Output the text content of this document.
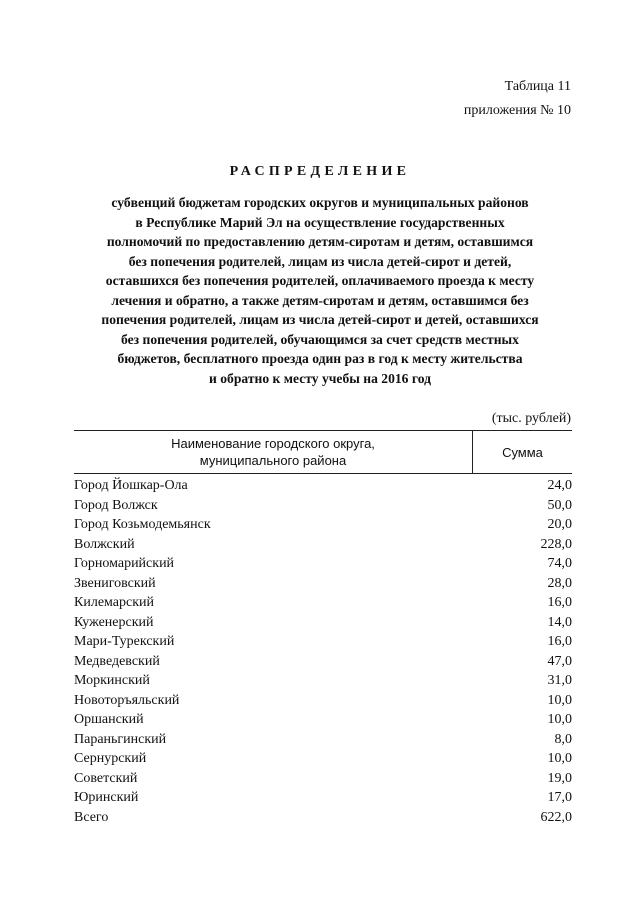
Таблица 11
приложения № 10
РАСПРЕДЕЛЕНИЕ
субвенций бюджетам городских округов и муниципальных районов
в Республике Марий Эл на осуществление государственных
полномочий по предоставлению детям-сиротам и детям, оставшимся
без попечения родителей, лицам из числа детей-сирот и детей,
оставшихся без попечения родителей, оплачиваемого проезда к месту
лечения и обратно, а также детям-сиротам и детям, оставшимся без
попечения родителей, лицам из числа детей-сирот и детей, оставшихся
без попечения родителей, обучающимся за счет средств местных
бюджетов, бесплатного проезда один раз в год к месту жительства
и обратно к месту учебы на 2016 год
(тыс. рублей)
Наименование городского округа,
муниципального района
Сумма
Город Йошкар-Ола	24,0
Город Волжск	50,0
Город Козьмодемьянск	20,0
Волжский	228,0
Горномарийский	74,0
Звениговский	28,0
Килемарский	16,0
Куженерский	14,0
Мари-Турекский	16,0
Медведевский	47,0
Моркинский	31,0
Новоторъяльский	10,0
Оршанский	10,0
Параньгинский	8,0
Сернурский	10,0
Советский	19,0
Юринский	17,0
Всего	622,0
